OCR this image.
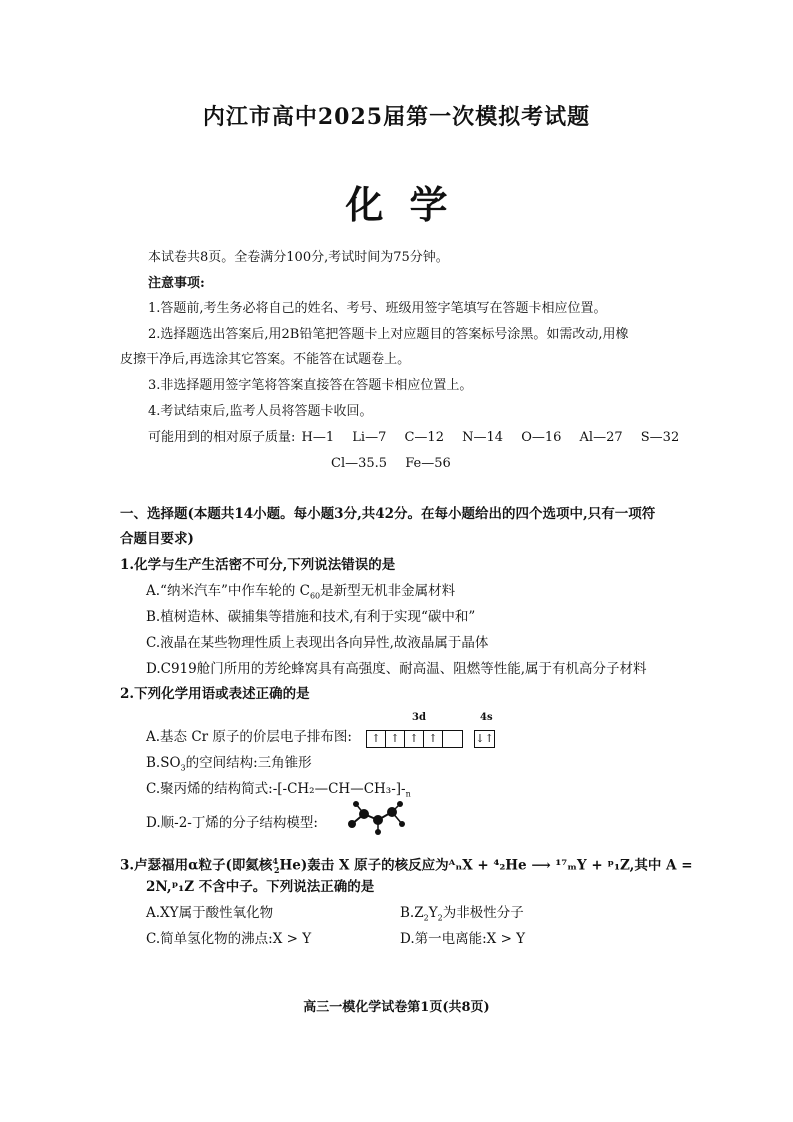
内江市高中2025届第一次模拟考试题
化学
本试卷共8页。全卷满分100分,考试时间为75分钟。
注意事项:
1.答题前,考生务必将自己的姓名、考号、班级用签字笔填写在答题卡相应位置。
2.选择题选出答案后,用2B铅笔把答题卡上对应题目的答案标号涂黑。如需改动,用橡
皮擦干净后,再选涂其它答案。不能答在试题卷上。
3.非选择题用签字笔将答案直接答在答题卡相应位置上。
4.考试结束后,监考人员将答题卡收回。
可能用到的相对原子质量: H—1 Li—7 C—12 N—14 O—16 Al—27 S—32
Cl—35.5 Fe—56
一、选择题(本题共14小题。每小题3分,共42分。在每小题给出的四个选项中,只有一项符
合题目要求)
1.化学与生产生活密不可分,下列说法错误的是
A.“纳米汽车”中作车轮的 $C_{60}$是新型无机非金属材料
B.植树造林、碳捕集等措施和技术,有利于实现“碳中和”
C.液晶在某些物理性质上表现出各向异性,故液晶属于晶体
D.C919舱门所用的芳纶蜂窝具有高强度、耐高温、阻燃等性能,属于有机高分子材料
2.下列化学用语或表述正确的是
3d	4s
A.基态 Cr 原子的价层电子排布图:	↑ ↑ ↑ ↑
	↓↑
$B.SO_3$的空间结构:三角锥形
C.聚丙烯的结构简式$:-[-CH_2—CH—CH_3-]-_n$
D.顺-2-丁烯的分子结构模型:
3.卢瑟福用α粒子(即氦核$^4_2$He)轰击 X 原子的核反应为ᴬₙX + ⁴₂He ⟶ ¹⁷ₘY + ᵖ₁Z,其中 A =
2N,ᵖ₁Z 不含中子。下列说法正确的是
A.XY属于酸性氧化物	$B.Z_2Y_2$为非极性分子
C.简单氢化物的沸点:X > Y	D.第一电离能:X > Y
高三一模化学试卷第1页(共8页)
